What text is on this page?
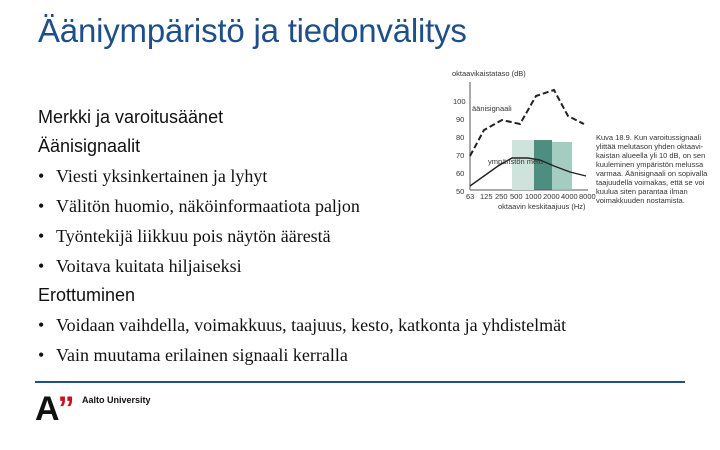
Ääniympäristö ja tiedonvälitys
Merkki ja varoitusäänet
Äänisignaalit
• Viesti yksinkertainen ja lyhyt
• Välitön huomio, näköinformaatiota paljon
• Työntekijä liikkuu pois näytön äärestä
• Voitava kuitata hiljaiseksi
Erottuminen
• Voidaan vaihdella, voimakkuus, taajuus, kesto, katkonta ja yhdistelmät
• Vain muutama erilainen signaali kerralla
oktaavikaistataso (dB)
100
90
80
70
60
50
äänisignaali
ympäristön melu
63 125 250 500 1000 2000 4000 8000
oktaavin keskitaajuus (Hz)
Kuva 18.9. Kun varoitussignaali
ylittää melutason yhden oktaavi-
kaistan alueella yli 10 dB, on sen
kuuleminen ympäristön melussa
varmaa. Äänisignaali on sopivalla
taajuudella voimakas, että se voi
kuulua siten parantaa ilman
voimakkuuden nostamista.
A” Aalto University
